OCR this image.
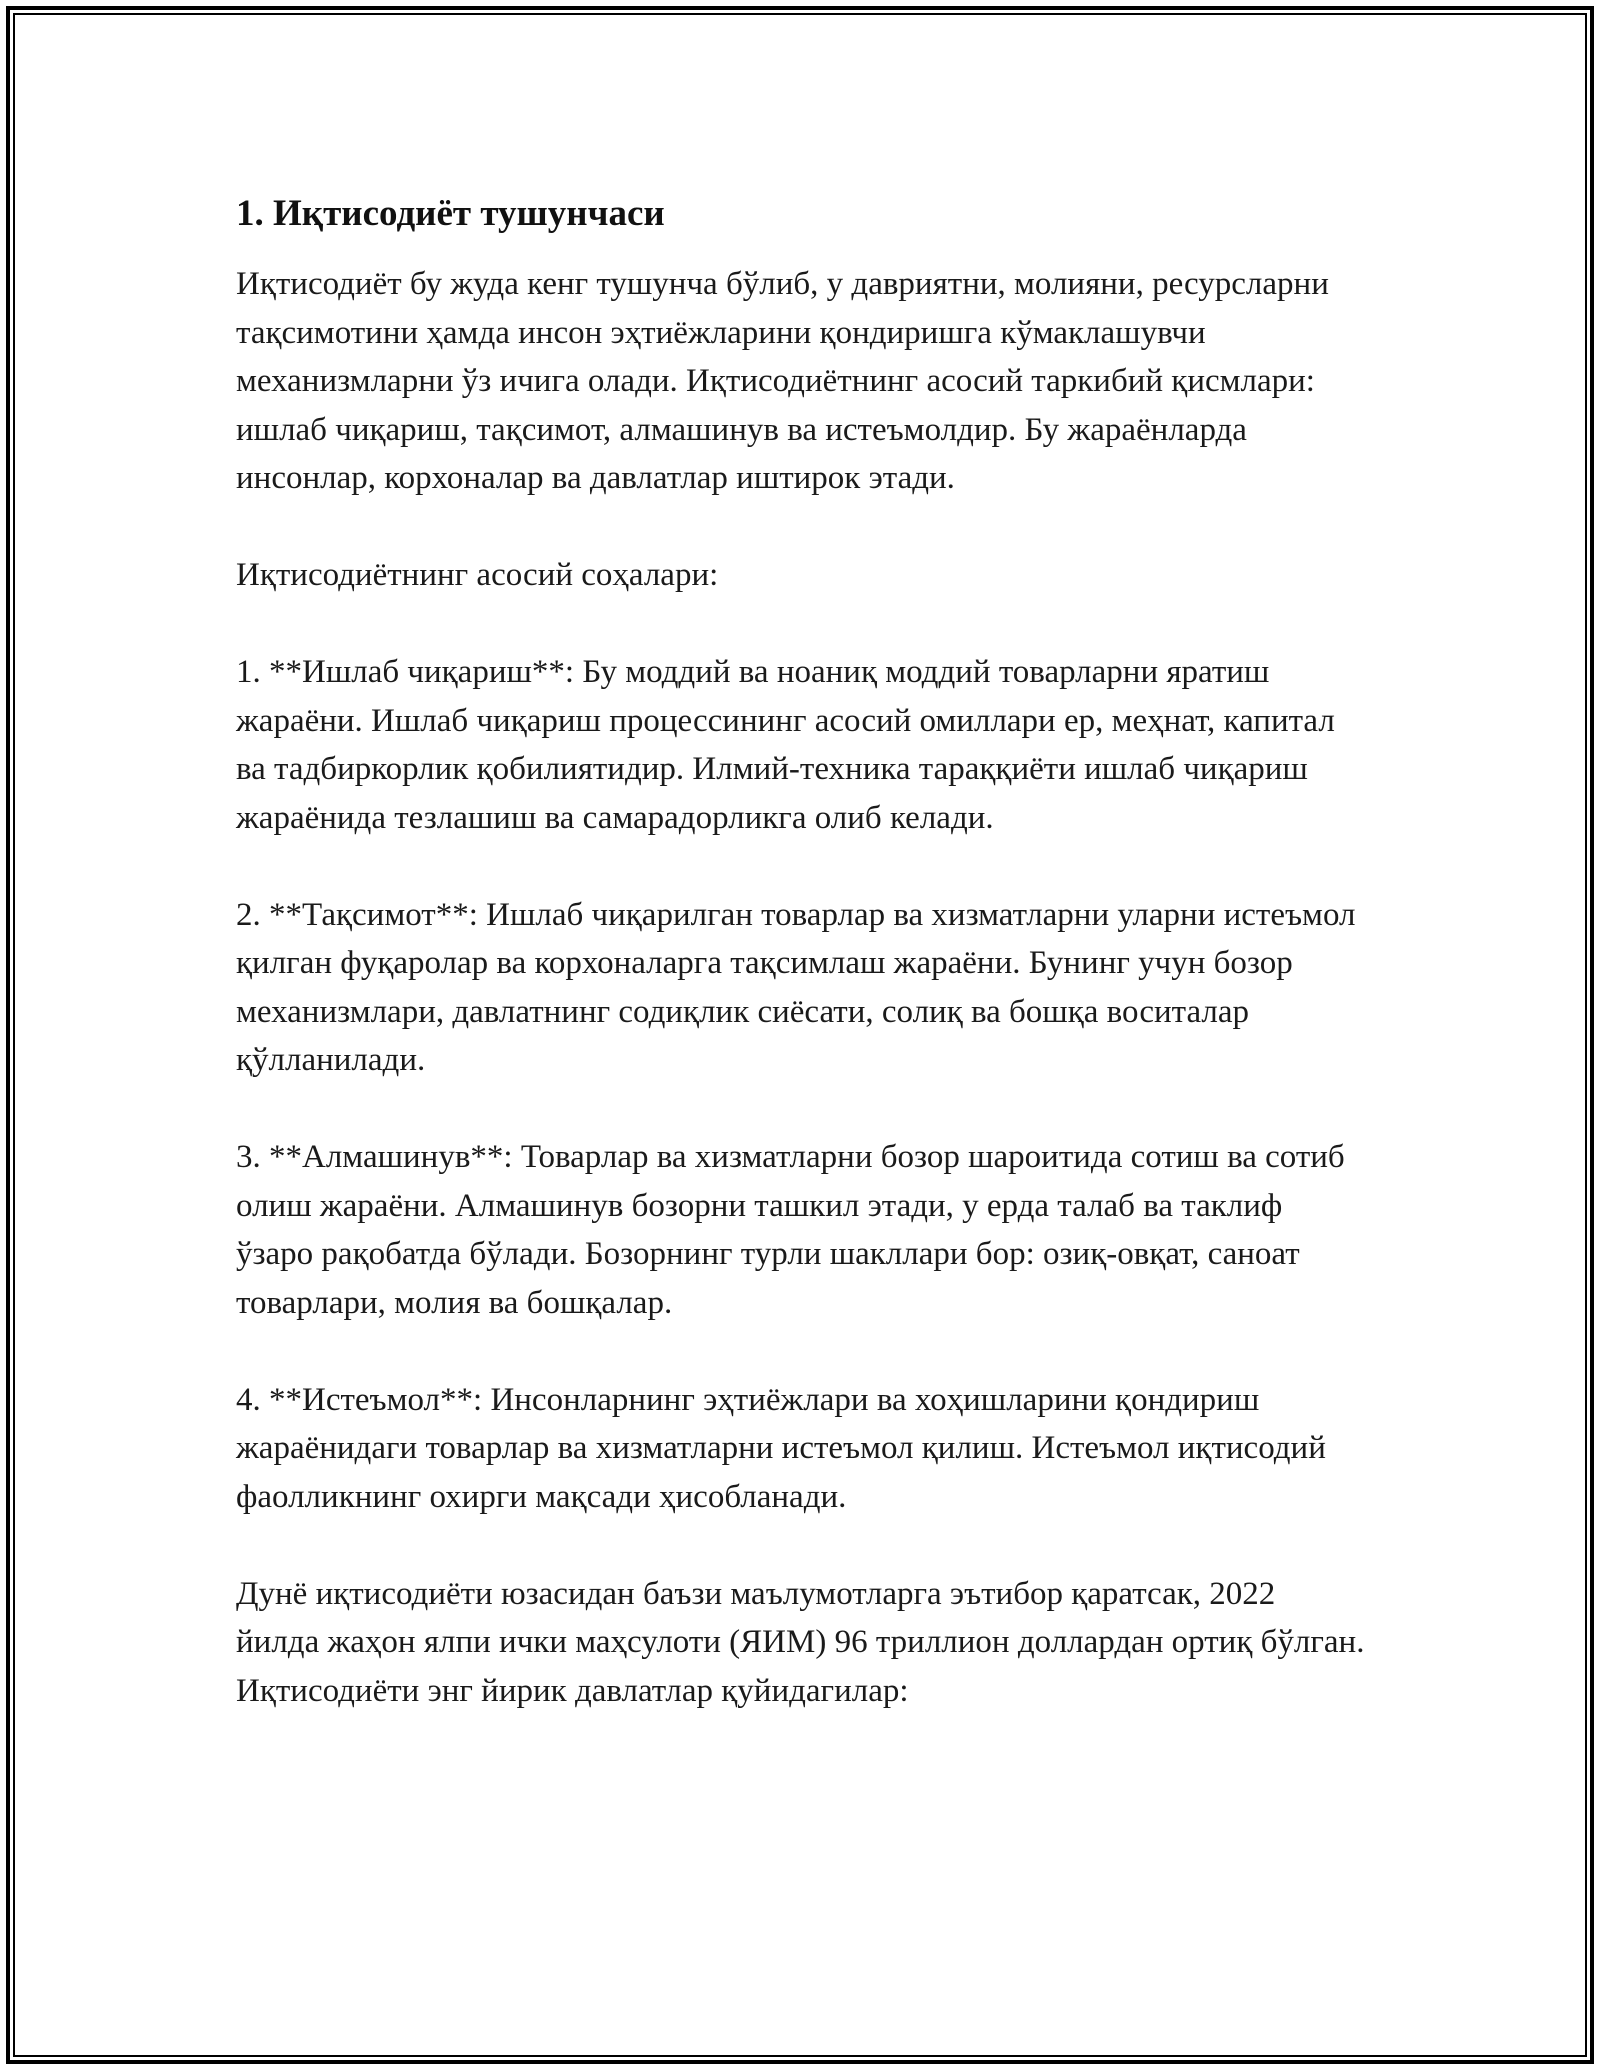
1. Иқтисодиёт тушунчаси

Иқтисодиёт бу жуда кенг тушунча бўлиб, у давриятни, молияни, ресурсларни тақсимотини ҳамда инсон эҳтиёжларини қондиришга кўмаклашувчи механизмларни ўз ичига олади. Иқтисодиётнинг асосий таркибий қисмлари: ишлаб чиқариш, тақсимот, алмашинув ва истеъмолдир. Бу жараёнларда инсонлар, корхоналар ва давлатлар иштирок этади.

Иқтисодиётнинг асосий соҳалари:

1. **Ишлаб чиқариш**: Бу моддий ва ноаниқ моддий товарларни яратиш жараёни. Ишлаб чиқариш процессининг асосий омиллари ер, меҳнат, капитал ва тадбиркорлик қобилиятидир. Илмий-техника тараққиёти ишлаб чиқариш жараёнида тезлашиш ва самарадорликга олиб келади.

2. **Тақсимот**: Ишлаб чиқарилган товарлар ва хизматларни уларни истеъмол қилган фуқаролар ва корхоналарга тақсимлаш жараёни. Бунинг учун бозор механизмлари, давлатнинг содиқлик сиёсати, солиқ ва бошқа воситалар қўлланилади.

3. **Алмашинув**: Товарлар ва хизматларни бозор шароитида сотиш ва сотиб олиш жараёни. Алмашинув бозорни ташкил этади, у ерда талаб ва таклиф ўзаро рақобатда бўлади. Бозорнинг турли шакллари бор: озиқ-овқат, саноат товарлари, молия ва бошқалар.

4. **Истеъмол**: Инсонларнинг эҳтиёжлари ва хоҳишларини қондириш жараёнидаги товарлар ва хизматларни истеъмол қилиш. Истеъмол иқтисодий фаолликнинг охирги мақсади ҳисобланади.

Дунё иқтисодиёти юзасидан баъзи маълумотларга эътибор қаратсак, 2022 йилда жаҳон ялпи ички маҳсулоти (ЯИМ) 96 триллион доллардан ортиқ бўлган. Иқтисодиёти энг йирик давлатлар қуйидагилар:
